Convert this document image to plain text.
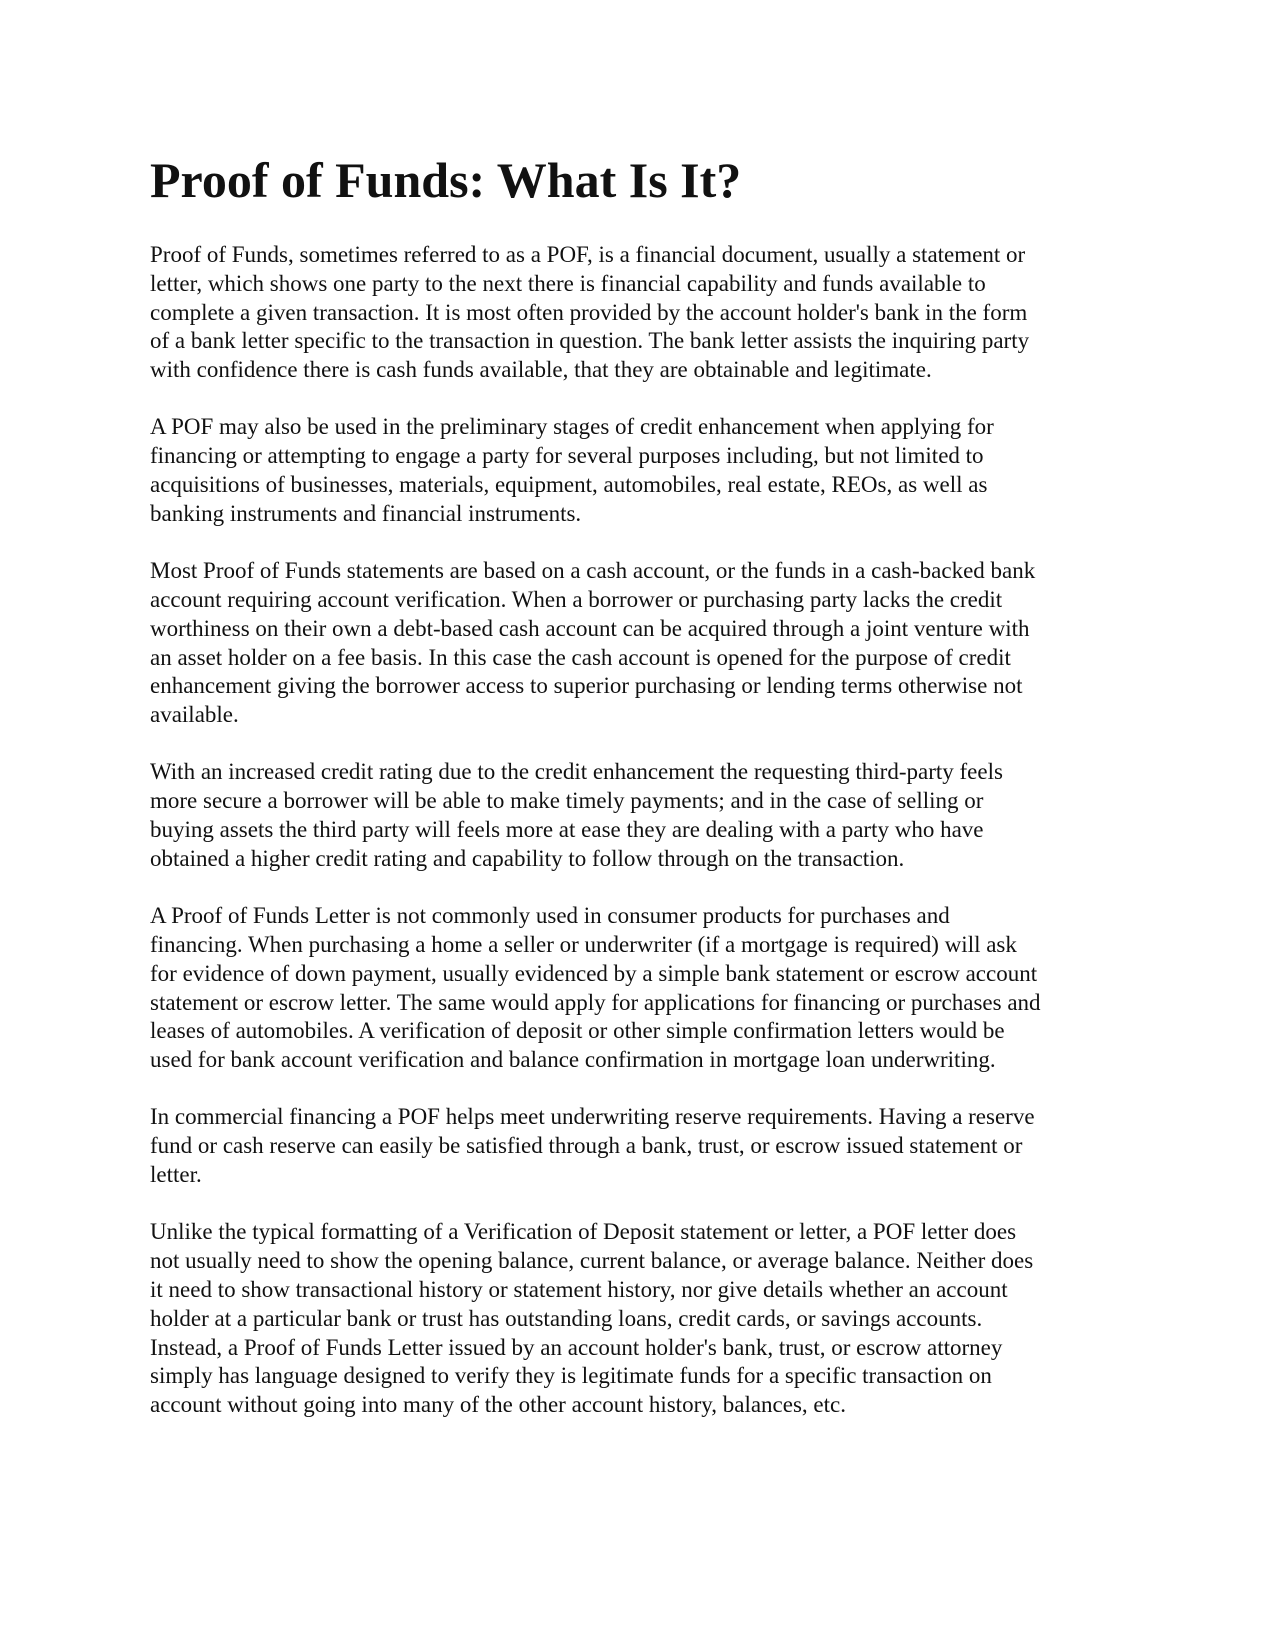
Proof of Funds: What Is It?

Proof of Funds, sometimes referred to as a POF, is a financial document, usually a statement or
letter, which shows one party to the next there is financial capability and funds available to
complete a given transaction. It is most often provided by the account holder's bank in the form
of a bank letter specific to the transaction in question. The bank letter assists the inquiring party
with confidence there is cash funds available, that they are obtainable and legitimate.

A POF may also be used in the preliminary stages of credit enhancement when applying for
financing or attempting to engage a party for several purposes including, but not limited to
acquisitions of businesses, materials, equipment, automobiles, real estate, REOs, as well as
banking instruments and financial instruments.

Most Proof of Funds statements are based on a cash account, or the funds in a cash-backed bank
account requiring account verification. When a borrower or purchasing party lacks the credit
worthiness on their own a debt-based cash account can be acquired through a joint venture with
an asset holder on a fee basis. In this case the cash account is opened for the purpose of credit
enhancement giving the borrower access to superior purchasing or lending terms otherwise not
available.

With an increased credit rating due to the credit enhancement the requesting third-party feels
more secure a borrower will be able to make timely payments; and in the case of selling or
buying assets the third party will feels more at ease they are dealing with a party who have
obtained a higher credit rating and capability to follow through on the transaction.

A Proof of Funds Letter is not commonly used in consumer products for purchases and
financing. When purchasing a home a seller or underwriter (if a mortgage is required) will ask
for evidence of down payment, usually evidenced by a simple bank statement or escrow account
statement or escrow letter. The same would apply for applications for financing or purchases and
leases of automobiles. A verification of deposit or other simple confirmation letters would be
used for bank account verification and balance confirmation in mortgage loan underwriting.

In commercial financing a POF helps meet underwriting reserve requirements. Having a reserve
fund or cash reserve can easily be satisfied through a bank, trust, or escrow issued statement or
letter.

Unlike the typical formatting of a Verification of Deposit statement or letter, a POF letter does
not usually need to show the opening balance, current balance, or average balance. Neither does
it need to show transactional history or statement history, nor give details whether an account
holder at a particular bank or trust has outstanding loans, credit cards, or savings accounts.
Instead, a Proof of Funds Letter issued by an account holder's bank, trust, or escrow attorney
simply has language designed to verify they is legitimate funds for a specific transaction on
account without going into many of the other account history, balances, etc.
